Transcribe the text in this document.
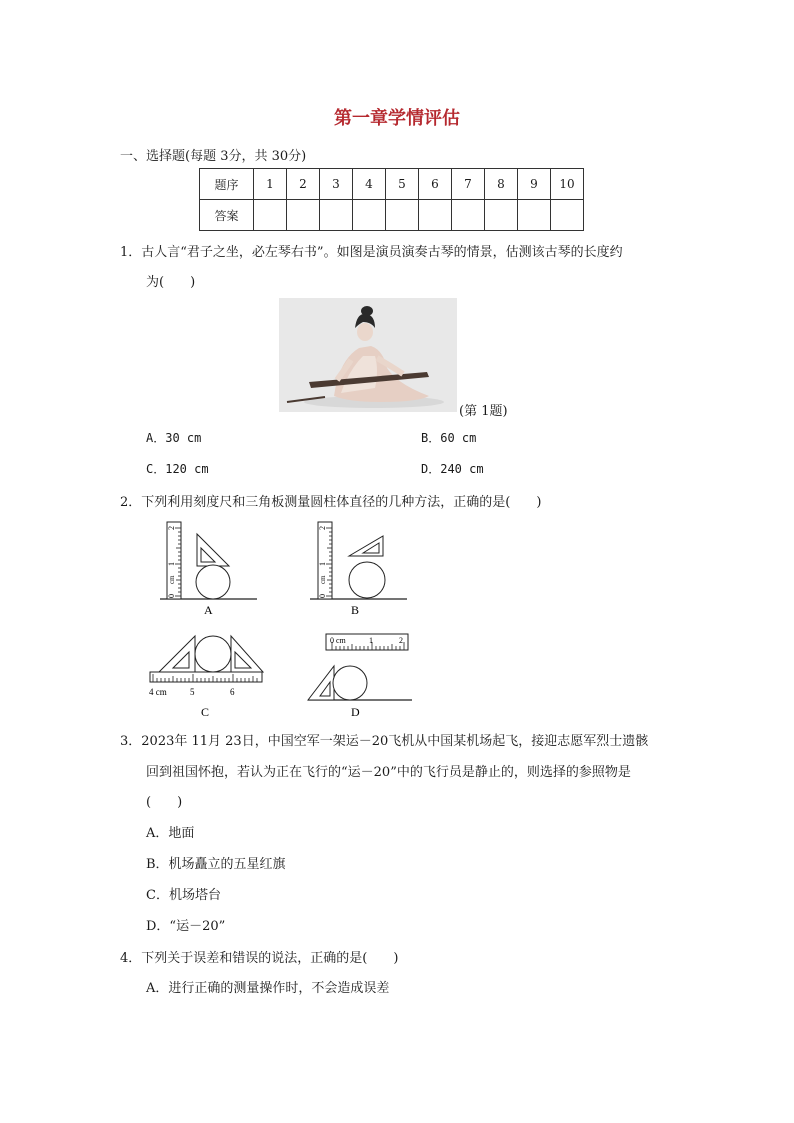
第一章学情评估
一、选择题(每题 3分，共 30分)
题序	1	2	3	4	5	6	7	8	9	10
答案										
1．古人言“君子之坐，必左琴右书”。如图是演员演奏古琴的情景，估测该古琴的长度约
为(　　)
(第 1题)
A．30 cm	B．60 cm
C．120 cm	D．240 cm
2．下列利用刻度尺和三角板测量圆柱体直径的几种方法，正确的是(　　)
0
cm
1
2
A
0
cm
1
2
B
4 cm	5	6
C
0 cm	1	2
D
3．2023年 11月 23日，中国空军一架运－20飞机从中国某机场起飞，接迎志愿军烈士遗骸
回到祖国怀抱，若认为正在飞行的“运－20”中的飞行员是静止的，则选择的参照物是
(　　)
A．地面
B．机场矗立的五星红旗
C．机场塔台
D．“运－20”
4．下列关于误差和错误的说法，正确的是(　　)
A．进行正确的测量操作时，不会造成误差
